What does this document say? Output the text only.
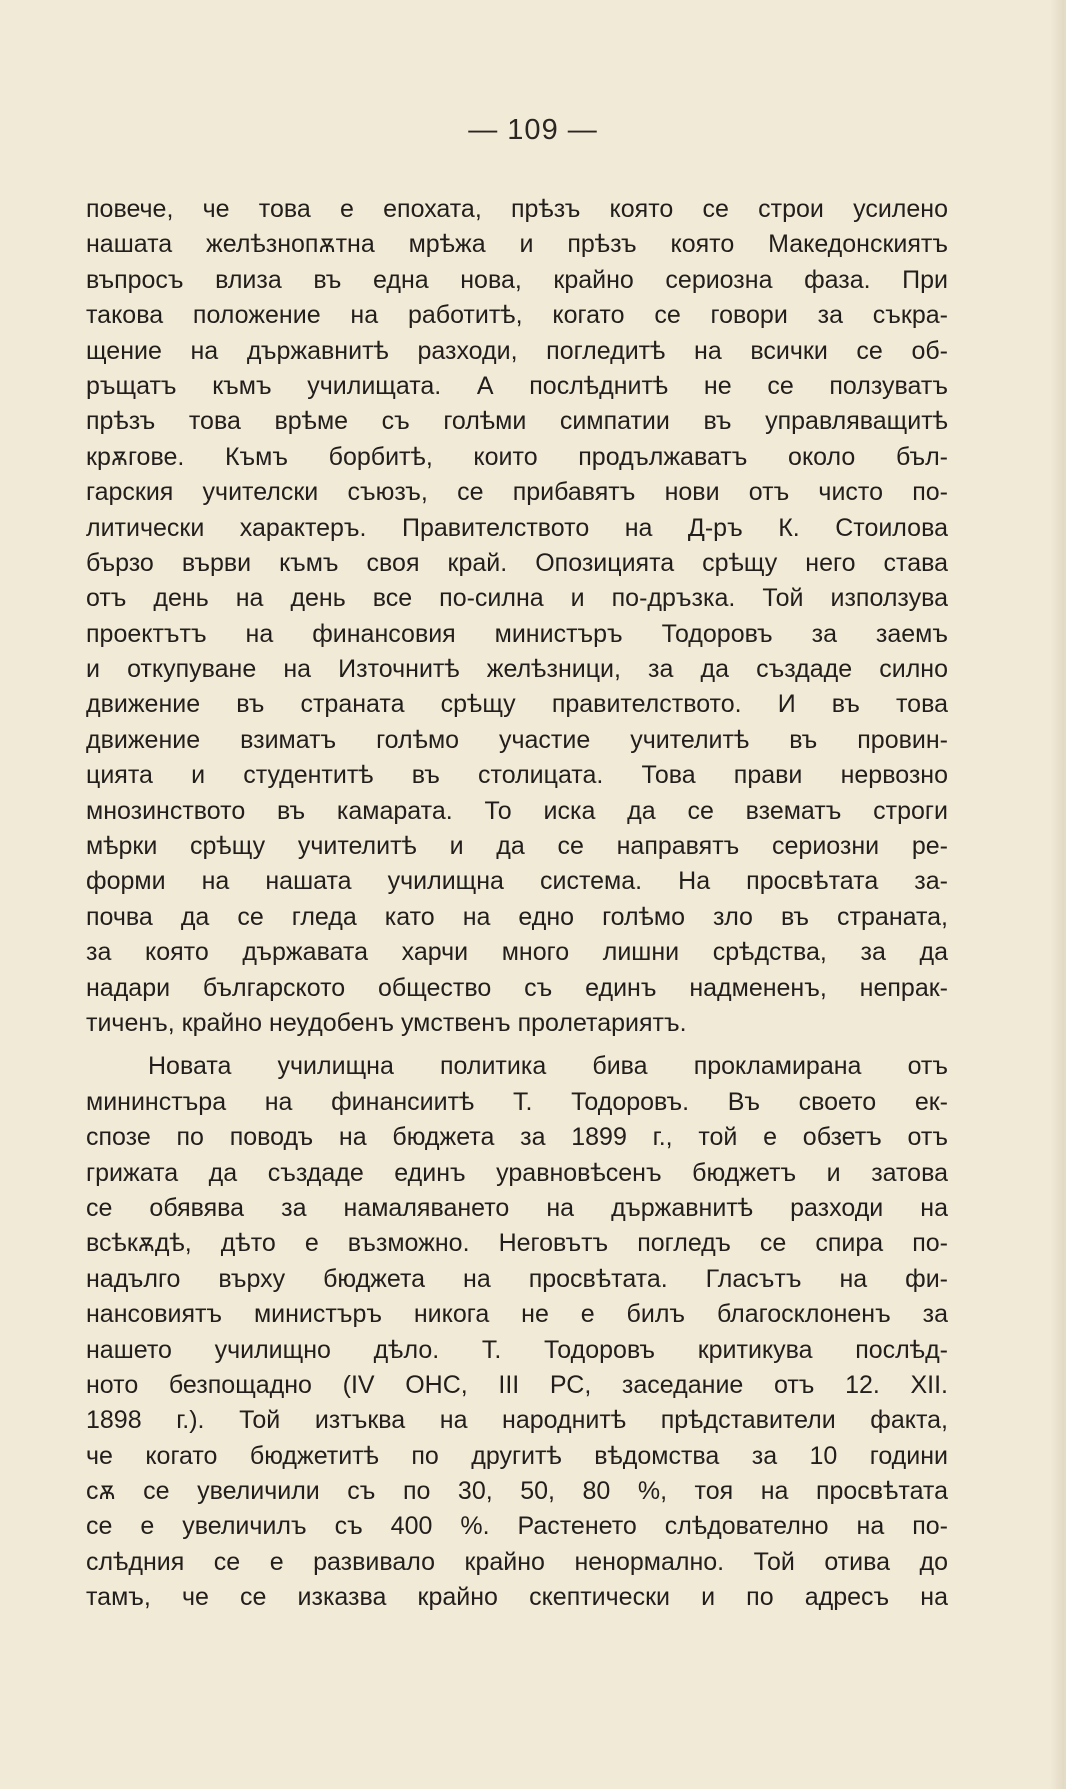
— 109 —
повече, че това е епохата, прѣзъ която се строи усилено
нашата желѣзнопѫтна мрѣжа и прѣзъ която Македонскиятъ
въпросъ влиза въ една нова, крайно сериозна фаза. При
такова положение на работитѣ, когато се говори за съкра-
щение на държавнитѣ разходи, погледитѣ на всички се об-
ръщатъ къмъ училищата. А послѣднитѣ не се ползуватъ
прѣзъ това врѣме съ голѣми симпатии въ управляващитѣ
крѫгове. Къмъ борбитѣ, които продължаватъ около бъл-
гарския учителски съюзъ, се прибавятъ нови отъ чисто по-
литически характеръ. Правителството на Д-ръ К. Стоилова
бързо върви къмъ своя край. Опозицията срѣщу него става
отъ день на день все по-силна и по-дръзка. Той използува
проектътъ на финансовия министъръ Тодоровъ за заемъ
и откупуване на Източнитѣ желѣзници, за да създаде силно
движение въ страната срѣщу правителството. И въ това
движение взиматъ голѣмо участие учителитѣ въ провин-
цията и студентитѣ въ столицата. Това прави нервозно
мнозинството въ камарата. То иска да се взематъ строги
мѣрки срѣщу учителитѣ и да се направятъ сериозни ре-
форми на нашата училищна система. На просвѣтата за-
почва да се гледа като на едно голѣмо зло въ страната,
за която държавата харчи много лишни срѣдства, за да
надари българското общество съ единъ надмененъ, непрак-
тиченъ, крайно неудобенъ умственъ пролетариятъ.
Новата училищна политика бива прокламирана отъ
мининстъра на финансиитѣ Т. Тодоровъ. Въ своето ек-
спозе по поводъ на бюджета за 1899 г., той е обзетъ отъ
грижата да създаде единъ уравновѣсенъ бюджетъ и затова
се обявява за намаляването на държавнитѣ разходи на
всѣкѫдѣ, дѣто е възможно. Неговътъ погледъ се спира по-
надълго върху бюджета на просвѣтата. Гласътъ на фи-
нансовиятъ министъръ никога не е билъ благосклоненъ за
нашето училищно дѣло. Т. Тодоровъ критикува послѣд-
ното безпощадно (IV ОНС, III РС, заседание отъ 12. XII.
1898 г.). Той изтъква на народнитѣ прѣдставители факта,
че когато бюджетитѣ по другитѣ вѣдомства за 10 години
сѫ се увеличили съ по 30, 50, 80 %, тоя на просвѣтата
се е увеличилъ съ 400 %. Растенето слѣдователно на по-
слѣдния се е развивало крайно ненормално. Той отива до
тамъ, че се изказва крайно скептически и по адресъ на
